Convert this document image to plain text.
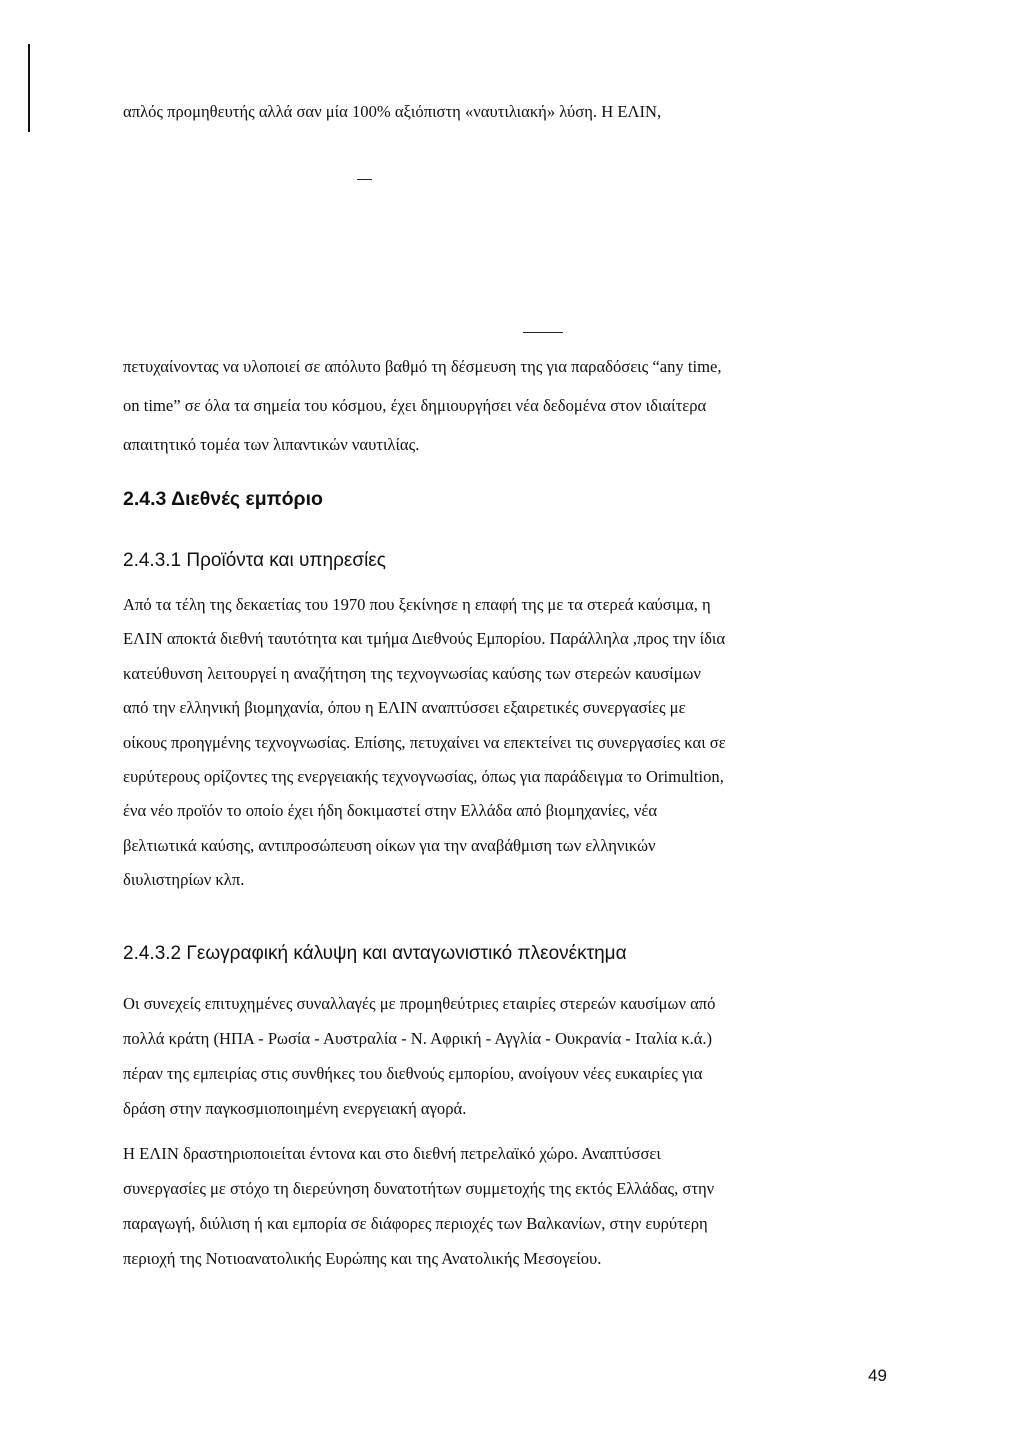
απλός προμηθευτής αλλά σαν μία 100% αξιόπιστη «ναυτιλιακή» λύση. Η ΕΛΙΝ,

πετυχαίνοντας να υλοποιεί σε απόλυτο βαθμό τη δέσμευση της για παραδόσεις “any time,

on time” σε όλα τα σημεία του κόσμου, έχει δημιουργήσει νέα δεδομένα στον ιδιαίτερα

απαιτητικό τομέα των λιπαντικών ναυτιλίας.

2.4.3 Διεθνές εμπόριο
2.4.3.1 Προϊόντα και υπηρεσίες

Από τα τέλη της δεκαετίας του 1970 που ξεκίνησε η επαφή της με τα στερεά καύσιμα, η

ΕΛΙΝ αποκτά διεθνή ταυτότητα και τμήμα Διεθνούς Εμπορίου. Παράλληλα ,προς την ίδια

κατεύθυνση λειτουργεί η αναζήτηση της τεχνογνωσίας καύσης των στερεών καυσίμων

από την ελληνική βιομηχανία, όπου η ΕΛΙΝ αναπτύσσει εξαιρετικές συνεργασίες με

οίκους προηγμένης τεχνογνωσίας. Επίσης, πετυχαίνει να επεκτείνει τις συνεργασίες και σε

ευρύτερους ορίζοντες της ενεργειακής τεχνογνωσίας, όπως για παράδειγμα το Orimultion,

ένα νέο προϊόν το οποίο έχει ήδη δοκιμαστεί στην Ελλάδα από βιομηχανίες, νέα

βελτιωτικά καύσης, αντιπροσώπευση οίκων για την αναβάθμιση των ελληνικών

διυλιστηρίων κλπ.

2.4.3.2 Γεωγραφική κάλυψη και ανταγωνιστικό πλεονέκτημα

Οι συνεχείς επιτυχημένες συναλλαγές με προμηθεύτριες εταιρίες στερεών καυσίμων από

πολλά κράτη (ΗΠΑ - Ρωσία - Αυστραλία - Ν. Αφρική - Αγγλία - Ουκρανία - Ιταλία κ.ά.)

πέραν της εμπειρίας στις συνθήκες του διεθνούς εμπορίου, ανοίγουν νέες ευκαιρίες για

δράση στην παγκοσμιοποιημένη ενεργειακή αγορά.

Η ΕΛΙΝ δραστηριοποιείται έντονα και στο διεθνή πετρελαϊκό χώρο. Αναπτύσσει

συνεργασίες με στόχο τη διερεύνηση δυνατοτήτων συμμετοχής της εκτός Ελλάδας, στην

παραγωγή, διύλιση ή και εμπορία σε διάφορες περιοχές των Βαλκανίων, στην ευρύτερη

περιοχή της Νοτιοανατολικής Ευρώπης και της Ανατολικής Μεσογείου.

49
